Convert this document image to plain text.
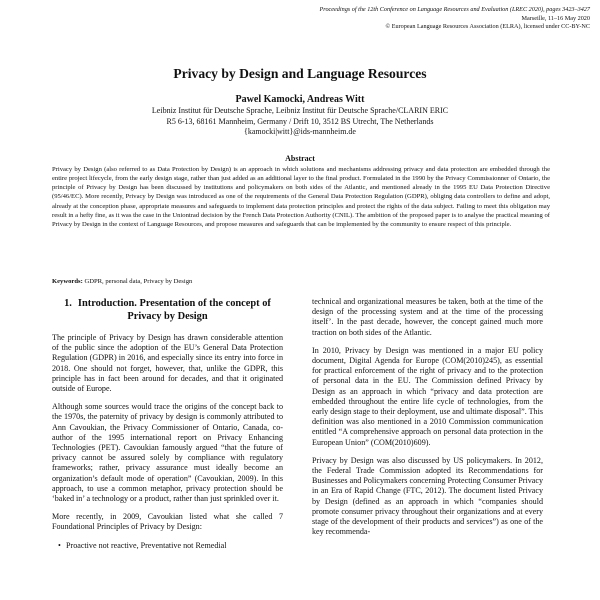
Proceedings of the 12th Conference on Language Resources and Evaluation (LREC 2020), pages 3423–3427
Marseille, 11–16 May 2020
© European Language Resources Association (ELRA), licensed under CC-BY-NC
Privacy by Design and Language Resources
Pawel Kamocki, Andreas Witt
Leibniz Institut für Deutsche Sprache, Leibniz Institut für Deutsche Sprache/CLARIN ERIC
R5 6-13, 68161 Mannheim, Germany / Drift 10, 3512 BS Utrecht, The Netherlands
{kamocki|witt}@ids-mannheim.de
Abstract
Privacy by Design (also referred to as Data Protection by Design) is an approach in which solutions and mechanisms addressing privacy and data protection are embedded through the entire project lifecycle, from the early design stage, rather than just added as an additional layer to the final product. Formulated in the 1990 by the Privacy Commissionner of Ontario, the principle of Privacy by Design has been discussed by institutions and policymakers on both sides of the Atlantic, and mentioned already in the 1995 EU Data Protection Directive (95/46/EC). More recently, Privacy by Design was introduced as one of the requirements of the General Data Protection Regulation (GDPR), obliging data controllers to define and adopt, already at the conception phase, appropriate measures and safeguards to implement data protection principles and protect the rights of the data subject. Failing to meet this obligation may result in a hefty fine, as it was the case in the Uniontrad decision by the French Data Protection Authority (CNIL). The ambition of the proposed paper is to analyse the practical meaning of Privacy by Design in the context of Language Resources, and propose measures and safeguards that can be implemented by the community to ensure respect of this principle.
Keywords: GDPR, personal data, Privacy by Design
1. Introduction. Presentation of the concept of Privacy by Design

The principle of Privacy by Design has drawn considerable attention of the public since the adoption of the EU’s General Data Protection Regulation (GDPR) in 2016, and especially since its entry into force in 2018. One should not forget, however, that, unlike the GDPR, this principle has in fact been around for decades, and that it originated outside of Europe.

Although some sources would trace the origins of the concept back to the 1970s, the paternity of privacy by design is commonly attributed to Ann Cavoukian, the Privacy Commissioner of Ontario, Canada, co-author of the 1995 international report on Privacy Enhancing Technologies (PET). Cavoukian famously argued “that the future of privacy cannot be assured solely by compliance with regulatory frameworks; rather, privacy assurance must ideally become an organization’s default mode of operation” (Cavoukian, 2009). In this approach, to use a common metaphor, privacy protection should be ‘baked in’ a technology or a product, rather than just sprinkled over it.

More recently, in 2009, Cavoukian listed what she called 7 Foundational Principles of Privacy by Design:

• Proactive not reactive, Preventative not Remedial

technical and organizational measures be taken, both at the time of the design of the processing system and at the time of the processing itself’. In the past decade, however, the concept gained much more traction on both sides of the Atlantic.

In 2010, Privacy by Design was mentioned in a major EU policy document, Digital Agenda for Europe (COM(2010)245), as essential for practical enforcement of the right of privacy and to the protection of personal data in the EU. The Commission defined Privacy by Design as an approach in which “privacy and data protection are embedded throughout the entire life cycle of technologies, from the early design stage to their deployment, use and ultimate disposal”. This definition was also mentioned in a 2010 Commission communication entitled “A comprehensive approach on personal data protection in the European Union” (COM(2010)609).

Privacy by Design was also discussed by US policymakers. In 2012, the Federal Trade Commission adopted its Recommendations for Businesses and Policymakers concerning Protecting Consumer Privacy in an Era of Rapid Change (FTC, 2012). The document listed Privacy by Design (defined as an approach in which “companies should promote consumer privacy throughout their organizations and at every stage of the development of their products and services”) as one of the key recommenda-
